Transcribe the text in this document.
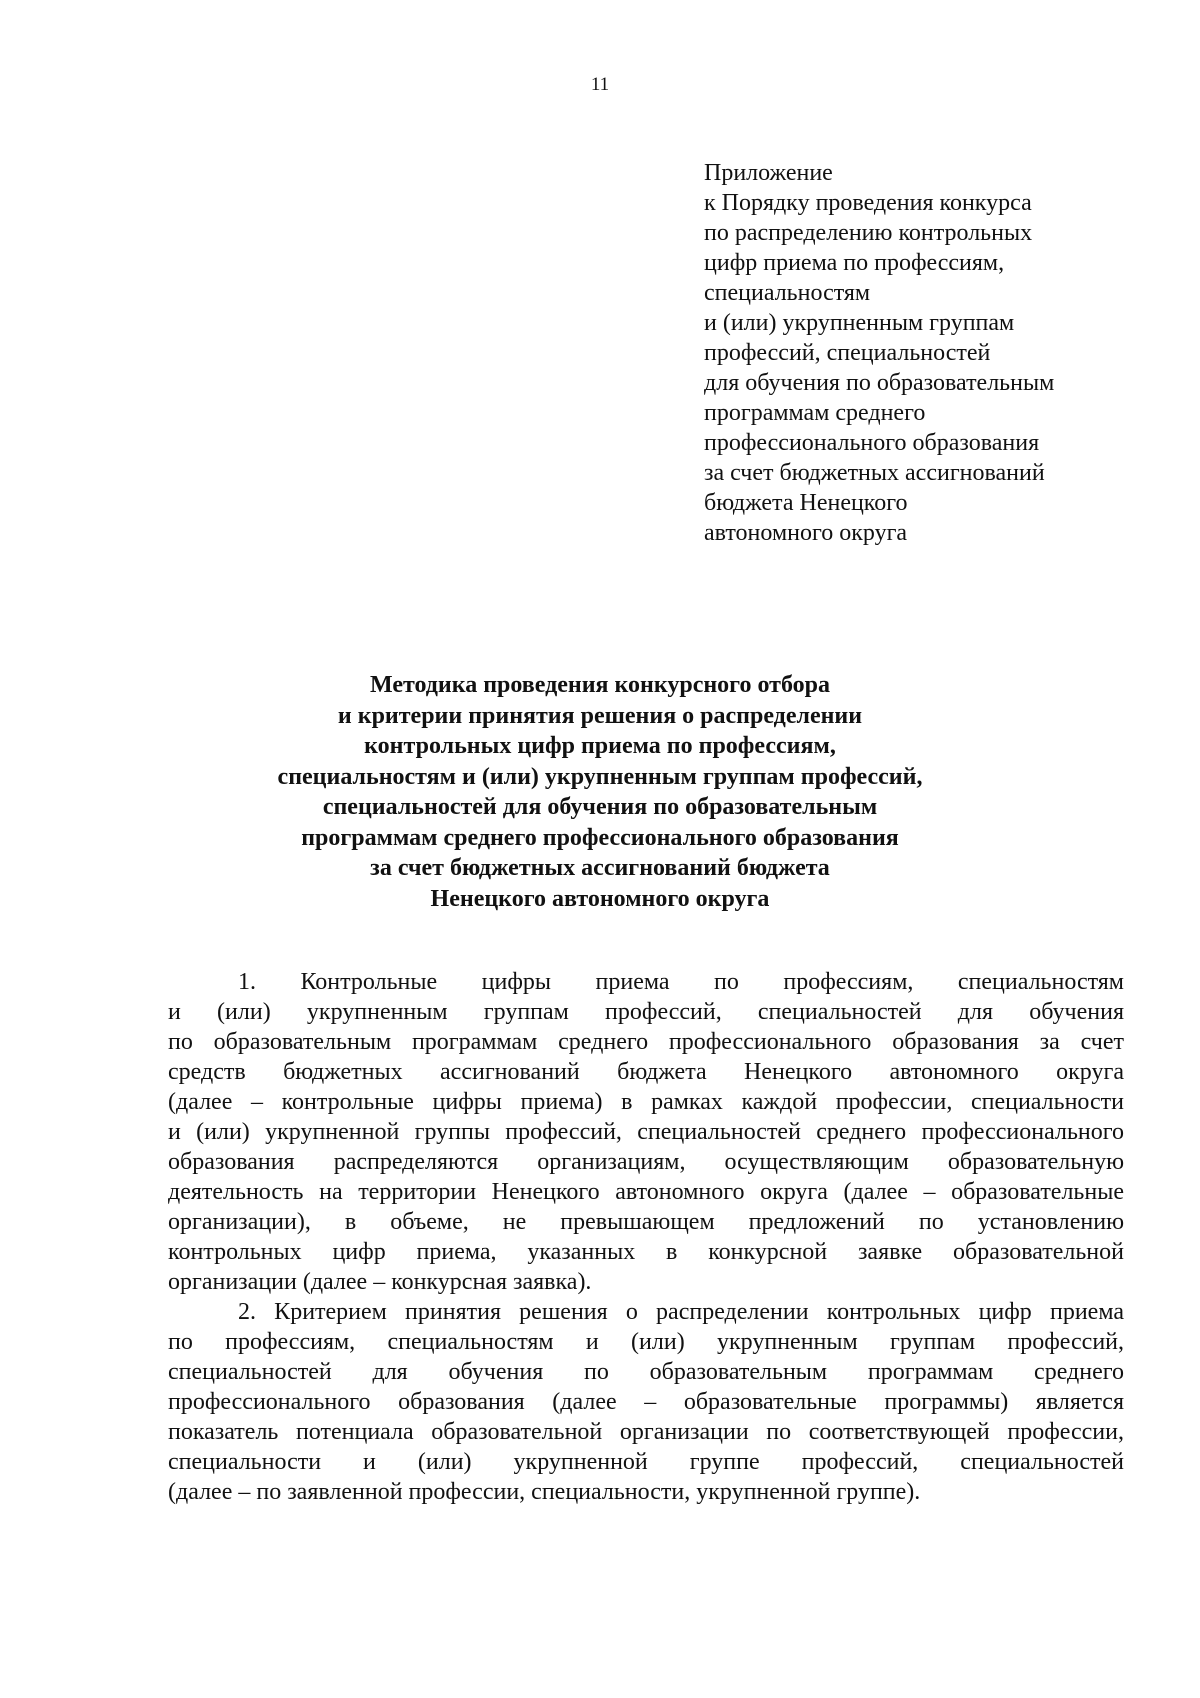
11
Приложение
к Порядку проведения конкурса
по распределению контрольных
цифр приема по профессиям,
специальностям
и (или) укрупненным группам
профессий, специальностей
для обучения по образовательным
программам среднего
профессионального образования
за счет бюджетных ассигнований
бюджета Ненецкого
автономного округа
Методика проведения конкурсного отбора
и критерии принятия решения о распределении
контрольных цифр приема по профессиям,
специальностям и (или) укрупненным группам профессий,
специальностей для обучения по образовательным
программам среднего профессионального образования
за счет бюджетных ассигнований бюджета
Ненецкого автономного округа
1. Контрольные цифры приема по профессиям, специальностям
и (или) укрупненным группам профессий, специальностей для обучения
по образовательным программам среднего профессионального образования за счет
средств бюджетных ассигнований бюджета Ненецкого автономного округа
(далее – контрольные цифры приема) в рамках каждой профессии, специальности
и (или) укрупненной группы профессий, специальностей среднего профессионального
образования распределяются организациям, осуществляющим образовательную
деятельность на территории Ненецкого автономного округа (далее – образовательные
организации), в объеме, не превышающем предложений по установлению
контрольных цифр приема, указанных в конкурсной заявке образовательной
организации (далее – конкурсная заявка).
2. Критерием принятия решения о распределении контрольных цифр приема
по профессиям, специальностям и (или) укрупненным группам профессий,
специальностей для обучения по образовательным программам среднего
профессионального образования (далее – образовательные программы) является
показатель потенциала образовательной организации по соответствующей профессии,
специальности и (или) укрупненной группе профессий, специальностей
(далее – по заявленной профессии, специальности, укрупненной группе).
